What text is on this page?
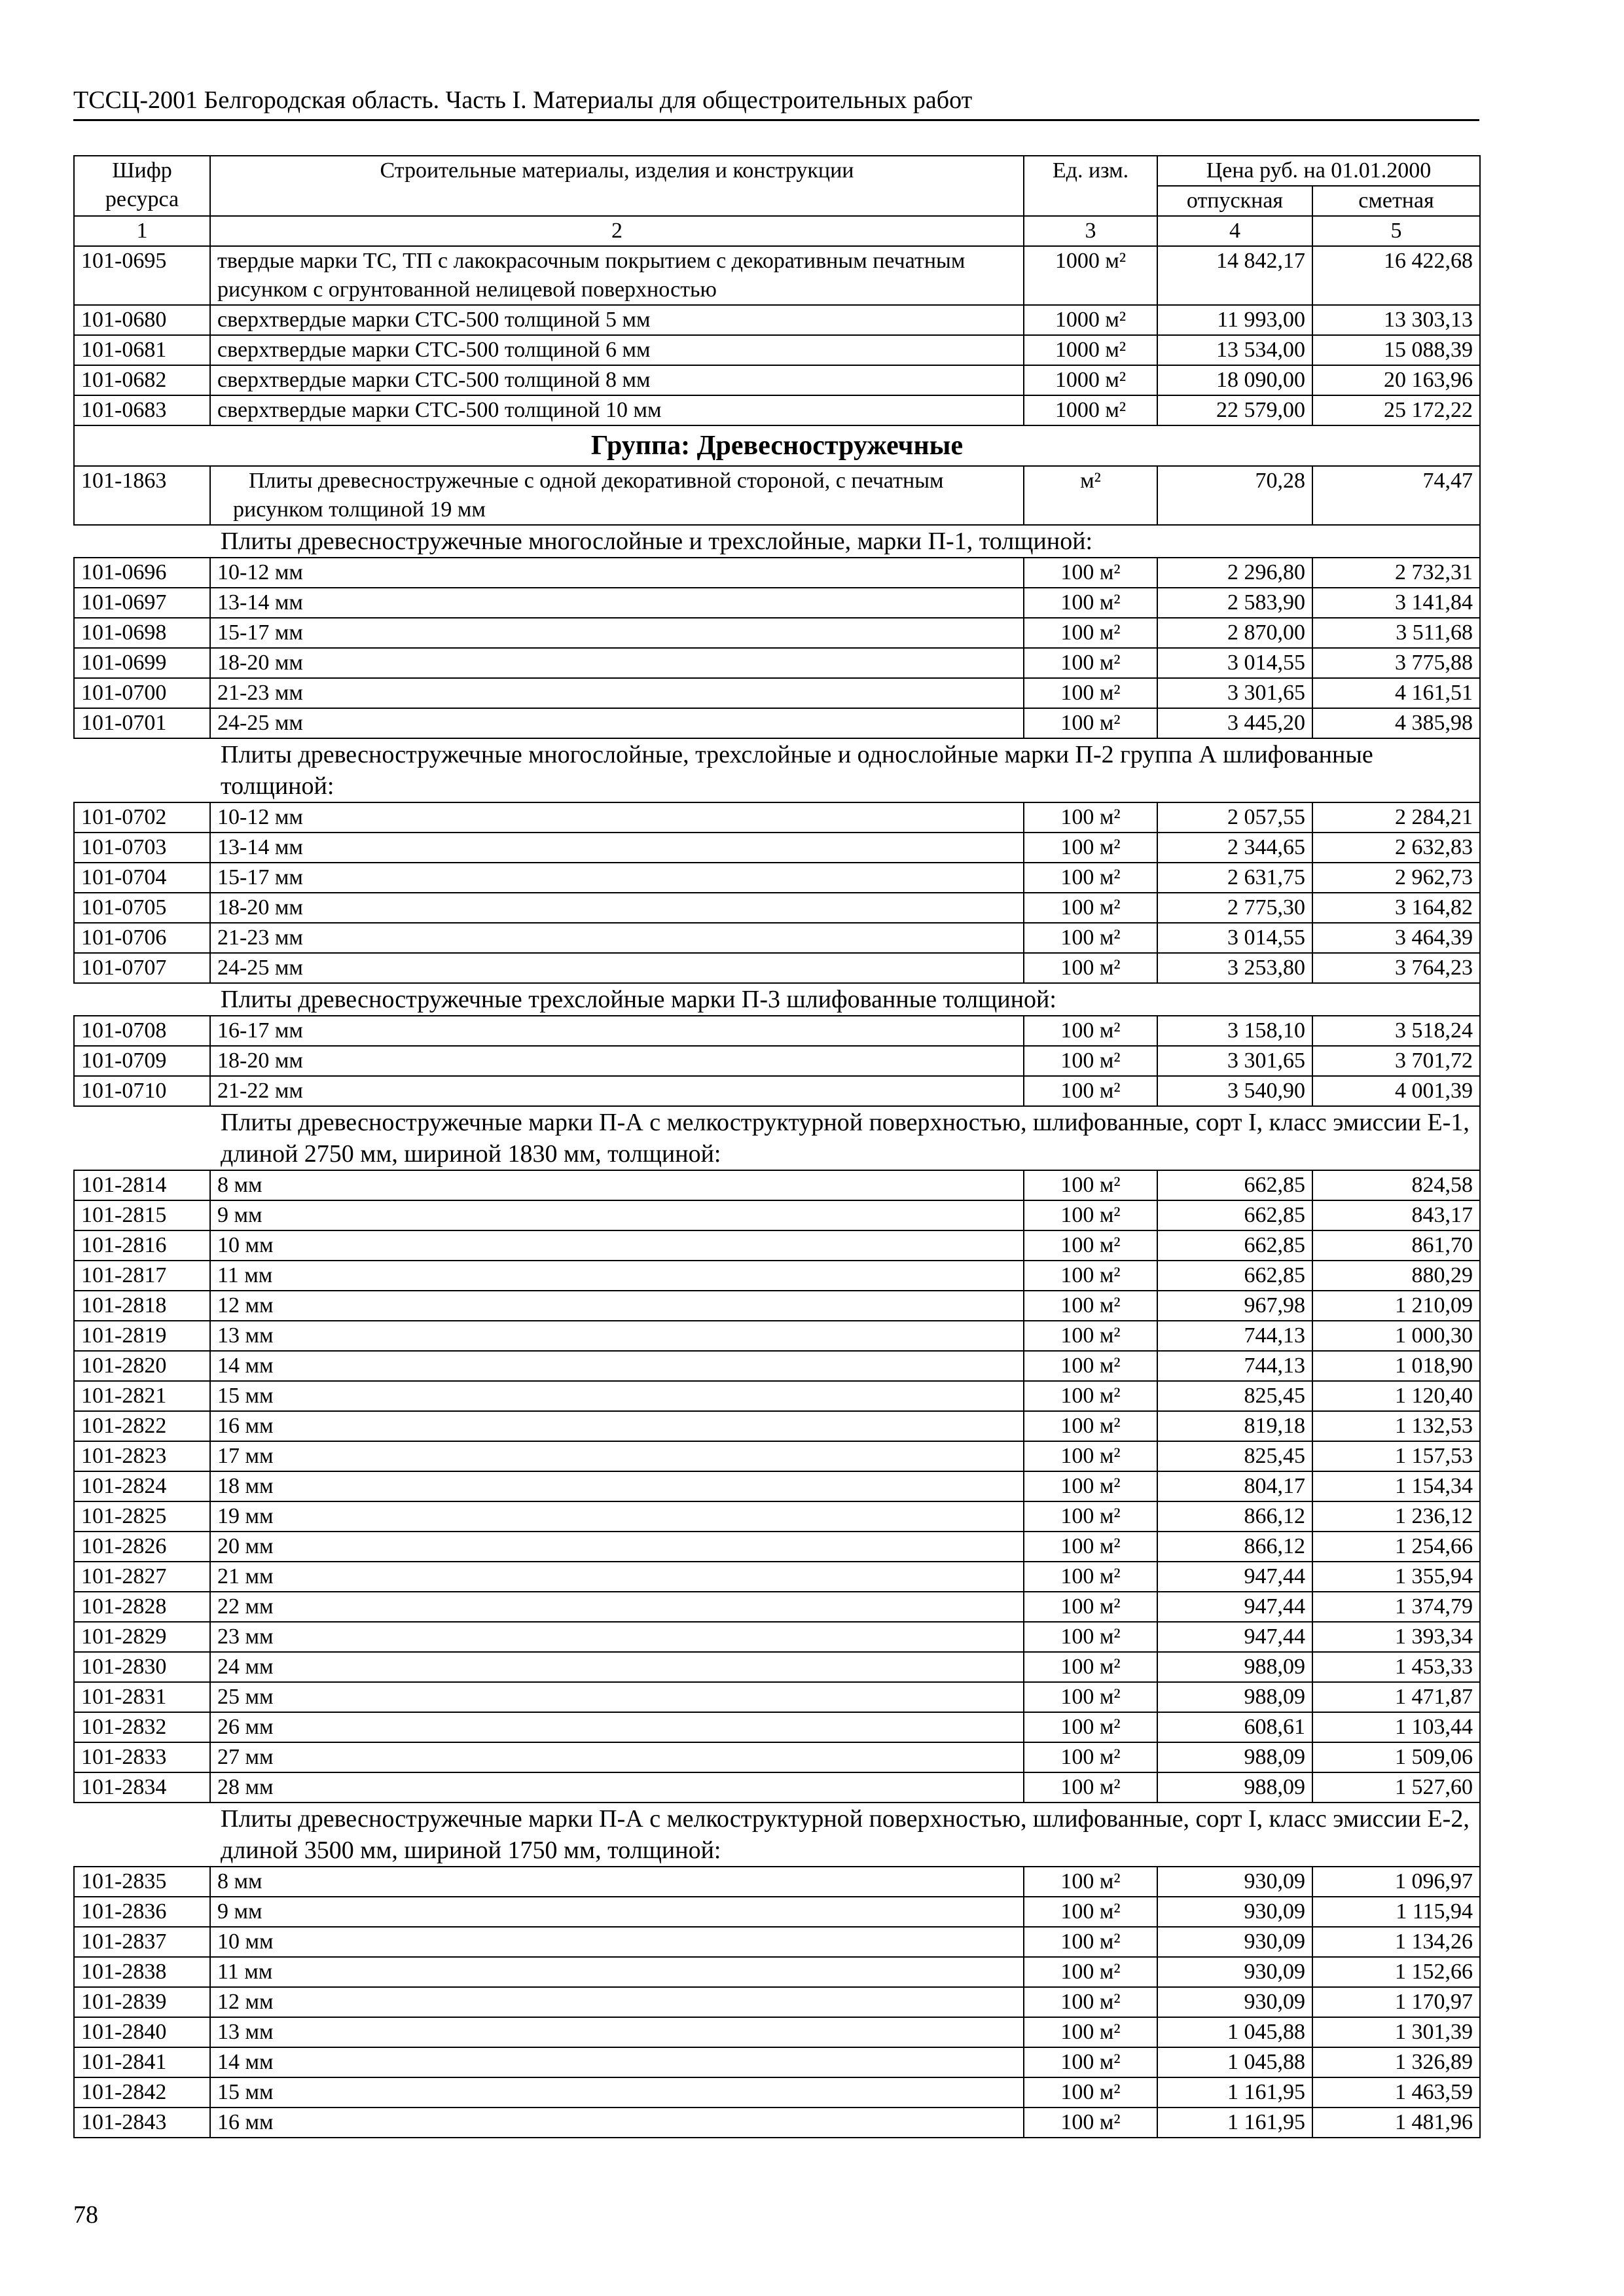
ТССЦ-2001 Белгородская область. Часть I. Материалы для общестроительных работ
Шифр ресурса	Строительные материалы, изделия и конструкции	Ед. изм.	Цена руб. на 01.01.2000	
			отпускная	сметная
1	2	3	4	5
101-0695	твердые марки ТС, ТП с лакокрасочным покрытием с декоративным печатным рисунком с огрунтованной нелицевой поверхностью	1000 м²	14 842,17	16 422,68
101-0680	сверхтвердые марки СТС-500 толщиной 5 мм	1000 м²	11 993,00	13 303,13
101-0681	сверхтвердые марки СТС-500 толщиной 6 мм	1000 м²	13 534,00	15 088,39
101-0682	сверхтвердые марки СТС-500 толщиной 8 мм	1000 м²	18 090,00	20 163,96
101-0683	сверхтвердые марки СТС-500 толщиной 10 мм	1000 м²	22 579,00	25 172,22
Группа: Древесностружечные				
101-1863	Плиты древесностружечные с одной декоративной стороной, с печатным рисунком толщиной 19 мм	м²	70,28	74,47
Плиты древесностружечные многослойные и трехслойные, марки П-1, толщиной:				
101-0696	10-12 мм	100 м²	2 296,80	2 732,31
101-0697	13-14 мм	100 м²	2 583,90	3 141,84
101-0698	15-17 мм	100 м²	2 870,00	3 511,68
101-0699	18-20 мм	100 м²	3 014,55	3 775,88
101-0700	21-23 мм	100 м²	3 301,65	4 161,51
101-0701	24-25 мм	100 м²	3 445,20	4 385,98
Плиты древесностружечные многослойные, трехслойные и однослойные марки П-2 группа А шлифованные толщиной:				
101-0702	10-12 мм	100 м²	2 057,55	2 284,21
101-0703	13-14 мм	100 м²	2 344,65	2 632,83
101-0704	15-17 мм	100 м²	2 631,75	2 962,73
101-0705	18-20 мм	100 м²	2 775,30	3 164,82
101-0706	21-23 мм	100 м²	3 014,55	3 464,39
101-0707	24-25 мм	100 м²	3 253,80	3 764,23
Плиты древесностружечные трехслойные марки П-3 шлифованные толщиной:				
101-0708	16-17 мм	100 м²	3 158,10	3 518,24
101-0709	18-20 мм	100 м²	3 301,65	3 701,72
101-0710	21-22 мм	100 м²	3 540,90	4 001,39
Плиты древесностружечные марки П-А с мелкоструктурной поверхностью, шлифованные, сорт I, класс эмиссии Е-1, длиной 2750 мм, шириной 1830 мм, толщиной:				
101-2814	8 мм	100 м²	662,85	824,58
101-2815	9 мм	100 м²	662,85	843,17
101-2816	10 мм	100 м²	662,85	861,70
101-2817	11 мм	100 м²	662,85	880,29
101-2818	12 мм	100 м²	967,98	1 210,09
101-2819	13 мм	100 м²	744,13	1 000,30
101-2820	14 мм	100 м²	744,13	1 018,90
101-2821	15 мм	100 м²	825,45	1 120,40
101-2822	16 мм	100 м²	819,18	1 132,53
101-2823	17 мм	100 м²	825,45	1 157,53
101-2824	18 мм	100 м²	804,17	1 154,34
101-2825	19 мм	100 м²	866,12	1 236,12
101-2826	20 мм	100 м²	866,12	1 254,66
101-2827	21 мм	100 м²	947,44	1 355,94
101-2828	22 мм	100 м²	947,44	1 374,79
101-2829	23 мм	100 м²	947,44	1 393,34
101-2830	24 мм	100 м²	988,09	1 453,33
101-2831	25 мм	100 м²	988,09	1 471,87
101-2832	26 мм	100 м²	608,61	1 103,44
101-2833	27 мм	100 м²	988,09	1 509,06
101-2834	28 мм	100 м²	988,09	1 527,60
Плиты древесностружечные марки П-А с мелкоструктурной поверхностью, шлифованные, сорт I, класс эмиссии Е-2, длиной 3500 мм, шириной 1750 мм, толщиной:				
101-2835	8 мм	100 м²	930,09	1 096,97
101-2836	9 мм	100 м²	930,09	1 115,94
101-2837	10 мм	100 м²	930,09	1 134,26
101-2838	11 мм	100 м²	930,09	1 152,66
101-2839	12 мм	100 м²	930,09	1 170,97
101-2840	13 мм	100 м²	1 045,88	1 301,39
101-2841	14 мм	100 м²	1 045,88	1 326,89
101-2842	15 мм	100 м²	1 161,95	1 463,59
101-2843	16 мм	100 м²	1 161,95	1 481,96
78
